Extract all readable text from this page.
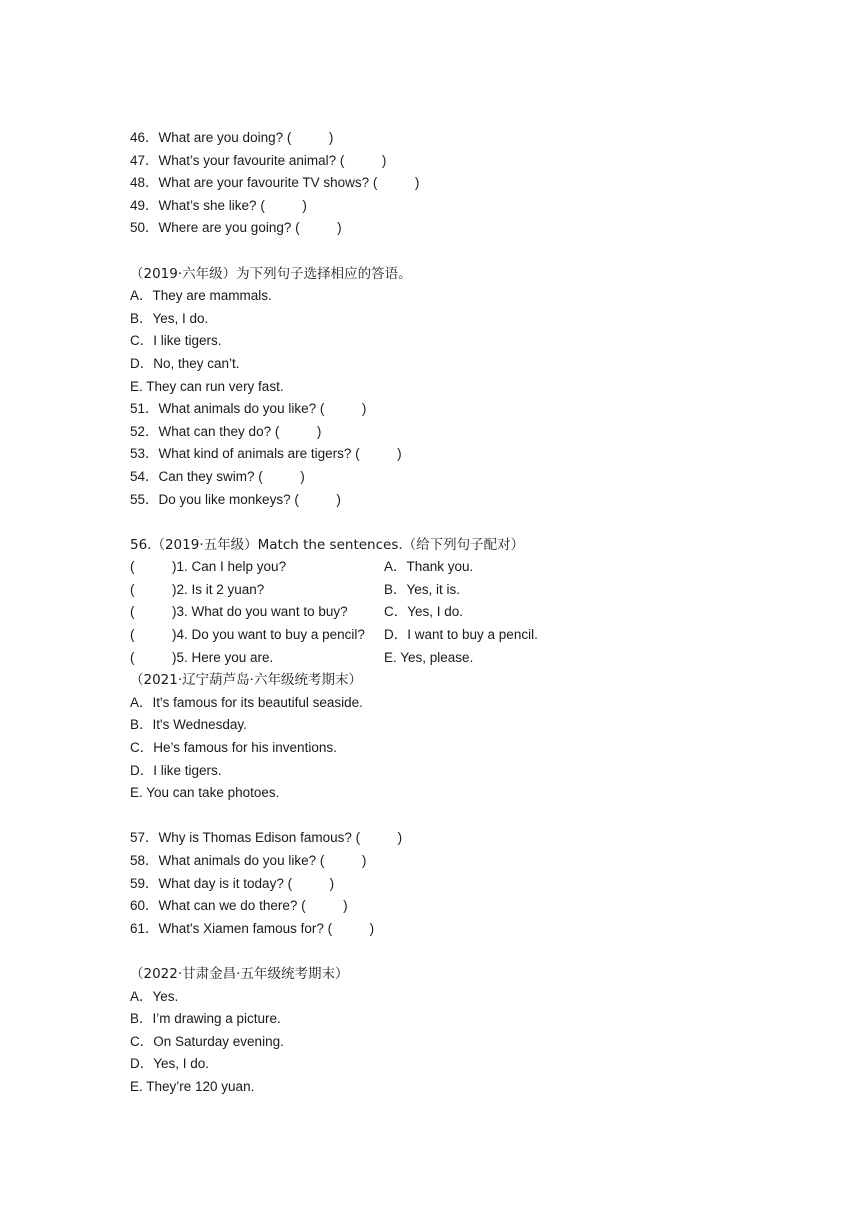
46．What are you doing? (          )
47．What’s your favourite animal? (          )
48．What are your favourite TV shows? (          )
49．What’s she like? (          )
50．Where are you going? (          )
（2019·六年级）为下列句子选择相应的答语。
A．They are mammals.
B．Yes, I do.
C．I like tigers.
D．No, they can’t.
E. They can run very fast.
51．What animals do you like? (          )
52．What can they do? (          )
53．What kind of animals are tigers? (          )
54．Can they swim? (          )
55．Do you like monkeys? (          )
56.（2019·五年级）Match the sentences.（给下列句子配对）
(          )1. Can I help you?	A．Thank you.
(          )2. Is it 2 yuan?	B．Yes, it is.
(          )3. What do you want to buy?	C．Yes, I do.
(          )4. Do you want to buy a pencil?	D．I want to buy a pencil.
(          )5. Here you are.	E. Yes, please.
（2021·辽宁葫芦岛·六年级统考期末）
A．It's famous for its beautiful seaside.
B．It's Wednesday.
C．He’s famous for his inventions.
D．I like tigers.
E. You can take photoes.
57．Why is Thomas Edison famous? (          )
58．What animals do you like? (          )
59．What day is it today? (          )
60．What can we do there? (          )
61．What's Xiamen famous for? (          )
（2022·甘肃金昌·五年级统考期末）
A．Yes.
B．I’m drawing a picture.
C．On Saturday evening.
D．Yes, I do.
E. They’re 120 yuan.
